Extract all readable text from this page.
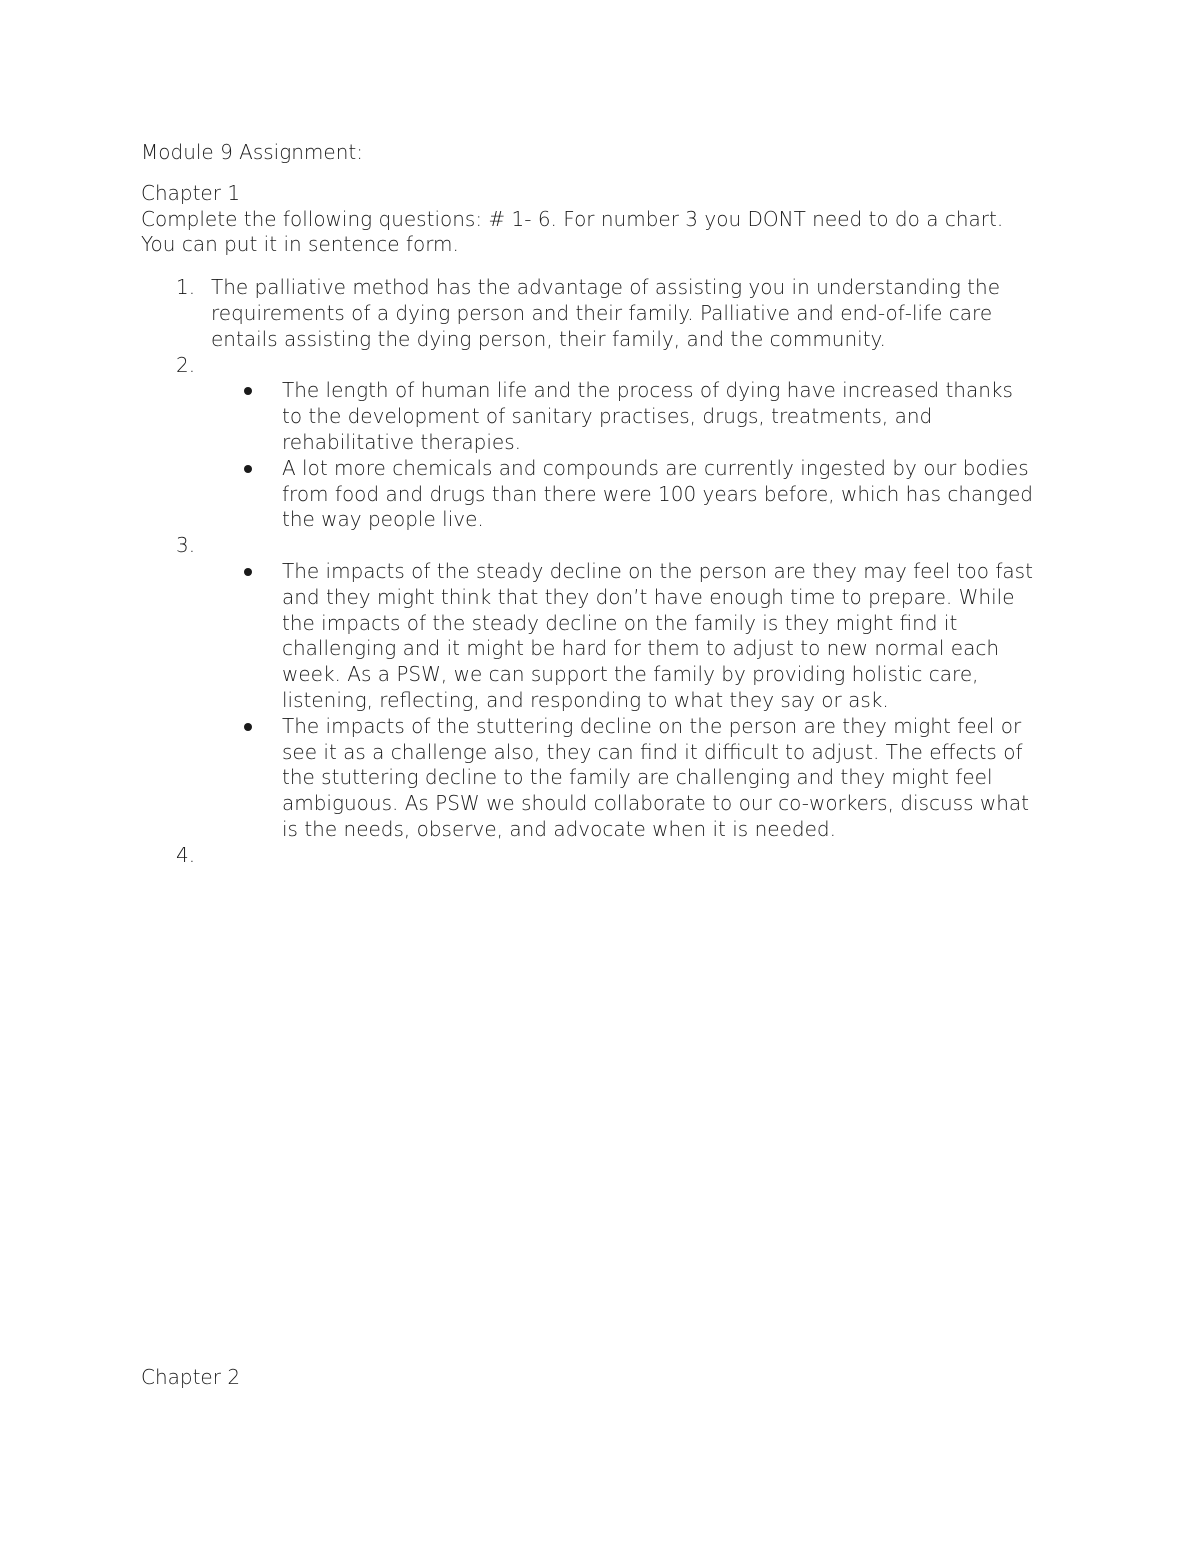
Module 9 Assignment:

Chapter 1

Complete the following questions: # 1- 6. For number 3 you DONT need to do a chart.

You can put it in sentence form.

1. The palliative method has the advantage of assisting you in understanding the
requirements of a dying person and their family. Palliative and end-of-life care
entails assisting the dying person, their family, and the community.
2.
The length of human life and the process of dying have increased thanks
to the development of sanitary practises, drugs, treatments, and
rehabilitative therapies.
A lot more chemicals and compounds are currently ingested by our bodies
from food and drugs than there were 100 years before, which has changed
the way people live.
3.
The impacts of the steady decline on the person are they may feel too fast
and they might think that they don’t have enough time to prepare. While
the impacts of the steady decline on the family is they might find it
challenging and it might be hard for them to adjust to new normal each
week. As a PSW, we can support the family by providing holistic care,
listening, reflecting, and responding to what they say or ask.
The impacts of the stuttering decline on the person are they might feel or
see it as a challenge also, they can find it difficult to adjust. The effects of
the stuttering decline to the family are challenging and they might feel
ambiguous. As PSW we should collaborate to our co-workers, discuss what
is the needs, observe, and advocate when it is needed.
4.
Chapter 2
